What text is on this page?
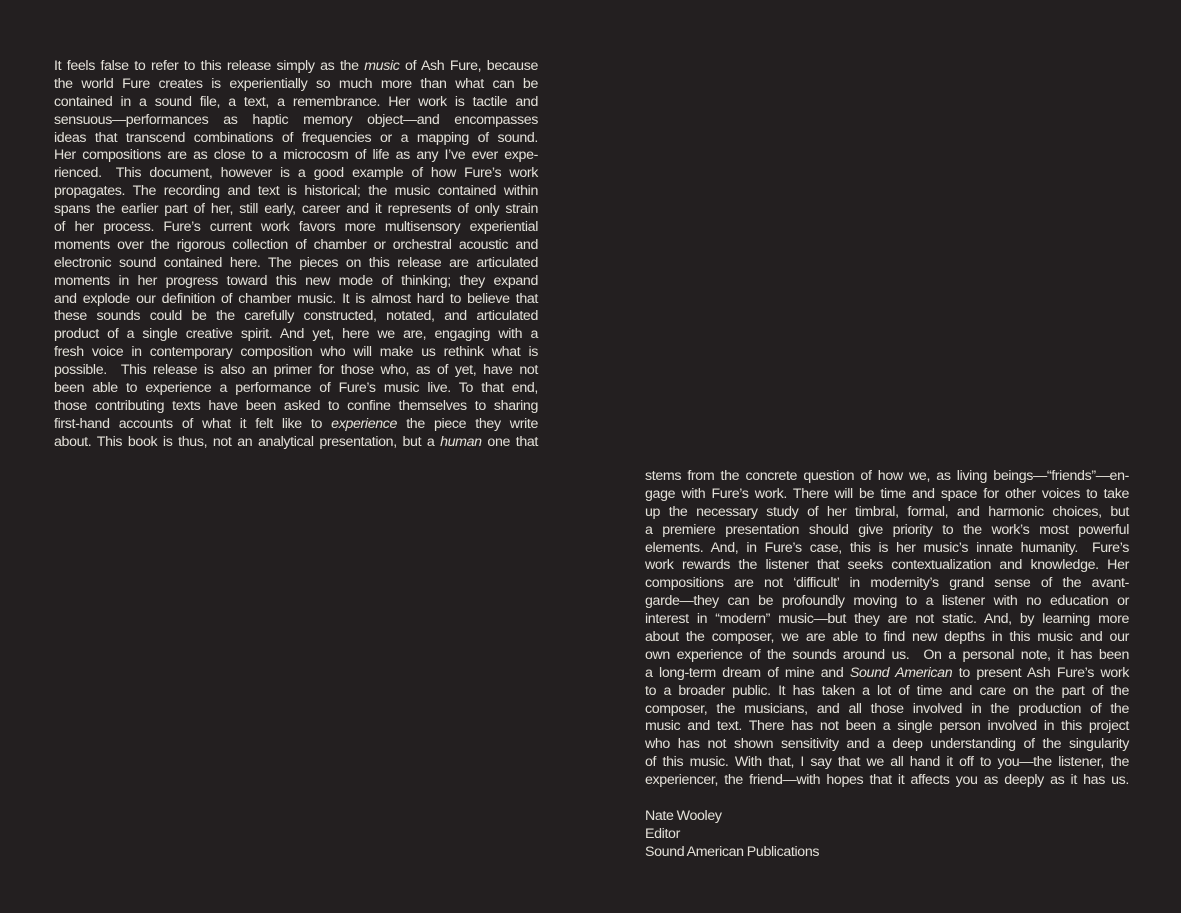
It feels false to refer to this release simply as the music of Ash Fure, because
the world Fure creates is experientially so much more than what can be
contained in a sound file, a text, a remembrance. Her work is tactile and
sensuous—performances as haptic memory object—and encompasses
ideas that transcend combinations of frequencies or a mapping of sound.
Her compositions are as close to a microcosm of life as any I’ve ever expe-
rienced. This document, however is a good example of how Fure’s work
propagates. The recording and text is historical; the music contained within
spans the earlier part of her, still early, career and it represents of only strain
of her process. Fure’s current work favors more multisensory experiential
moments over the rigorous collection of chamber or orchestral acoustic and
electronic sound contained here. The pieces on this release are articulated
moments in her progress toward this new mode of thinking; they expand
and explode our definition of chamber music. It is almost hard to believe that
these sounds could be the carefully constructed, notated, and articulated
product of a single creative spirit. And yet, here we are, engaging with a
fresh voice in contemporary composition who will make us rethink what is
possible. This release is also an primer for those who, as of yet, have not
been able to experience a performance of Fure’s music live. To that end,
those contributing texts have been asked to confine themselves to sharing
first-hand accounts of what it felt like to experience the piece they write
about. This book is thus, not an analytical presentation, but a human one that
stems from the concrete question of how we, as living beings—“friends”—en-
gage with Fure’s work. There will be time and space for other voices to take
up the necessary study of her timbral, formal, and harmonic choices, but
a premiere presentation should give priority to the work’s most powerful
elements. And, in Fure’s case, this is her music’s innate humanity. Fure’s
work rewards the listener that seeks contextualization and knowledge. Her
compositions are not ‘difficult’ in modernity’s grand sense of the avant-
garde—they can be profoundly moving to a listener with no education or
interest in “modern” music—but they are not static. And, by learning more
about the composer, we are able to find new depths in this music and our
own experience of the sounds around us. On a personal note, it has been
a long-term dream of mine and Sound American to present Ash Fure’s work
to a broader public. It has taken a lot of time and care on the part of the
composer, the musicians, and all those involved in the production of the
music and text. There has not been a single person involved in this project
who has not shown sensitivity and a deep understanding of the singularity
of this music. With that, I say that we all hand it off to you—the listener, the
experiencer, the friend—with hopes that it affects you as deeply as it has us.
Nate Wooley
Editor
Sound American Publications
